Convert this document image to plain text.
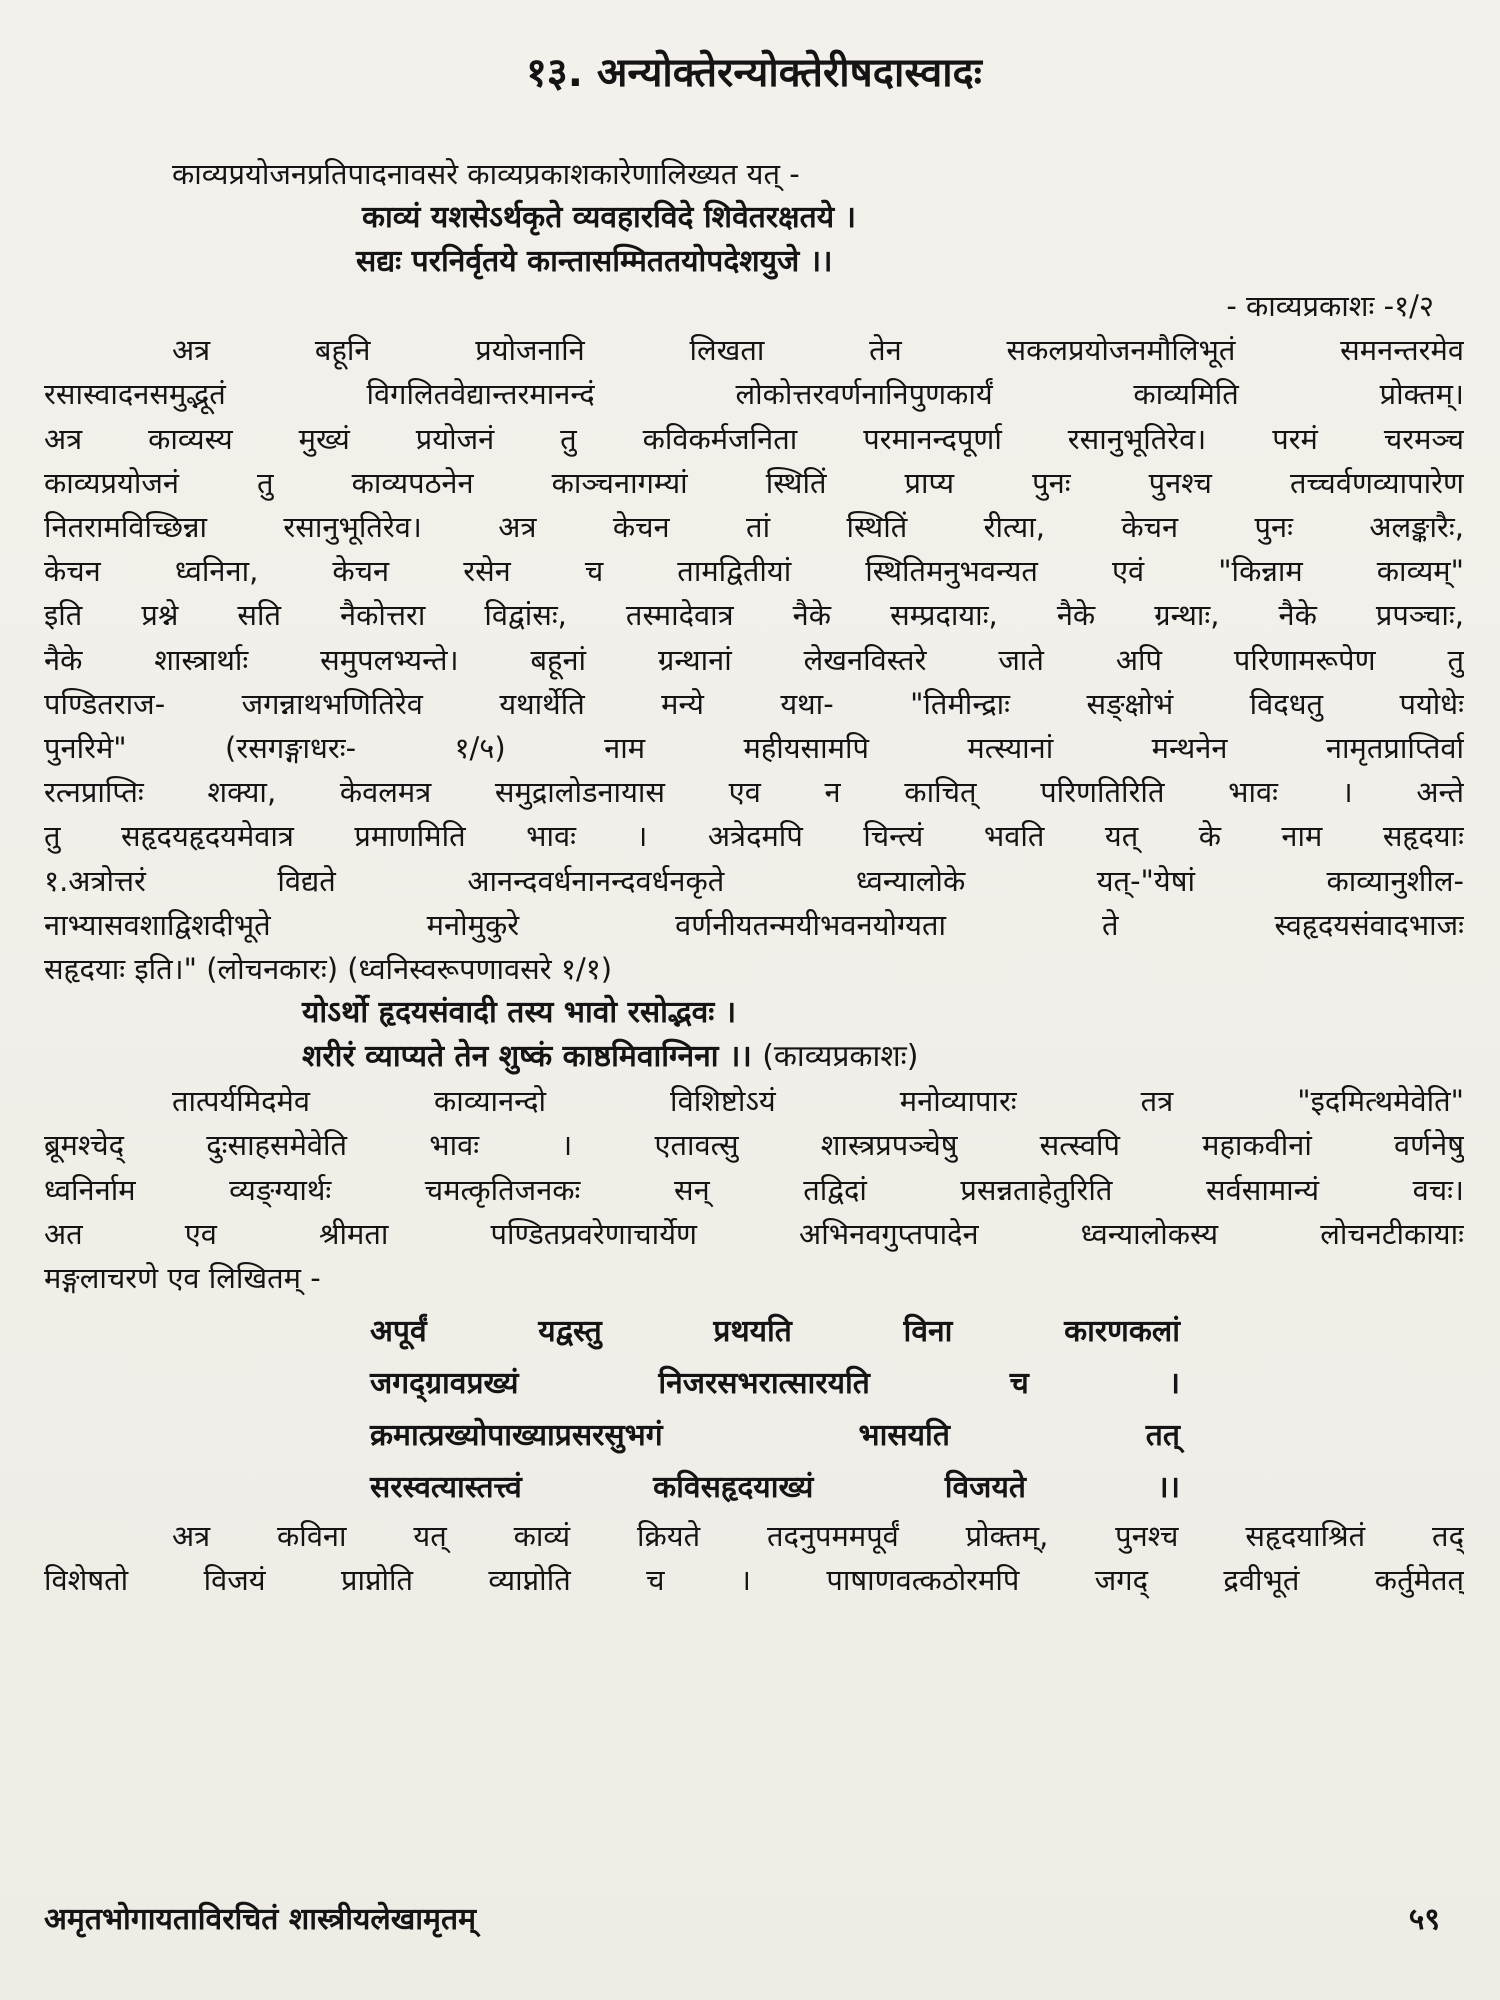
१३. अन्योक्तेरन्योक्तेरीषदास्वादः

काव्यप्रयोजनप्रतिपादनावसरे काव्यप्रकाशकारेणालिख्यत यत् -

काव्यं यशसेऽर्थकृते व्यवहारविदे शिवेतरक्षतये ।
सद्यः परनिर्वृतये कान्तासम्मिततयोपदेशयुजे ।।
- काव्यप्रकाशः -१/२
अत्र बहूनि प्रयोजनानि लिखता तेन सकलप्रयोजनमौलिभूतं समनन्तरमेव
रसास्वादनसमुद्भूतं विगलितवेद्यान्तरमानन्दं लोकोत्तरवर्णनानिपुणकार्यं काव्यमिति प्रोक्तम्।
अत्र काव्यस्य मुख्यं प्रयोजनं तु कविकर्मजनिता परमानन्दपूर्णा रसानुभूतिरेव। परमं चरमञ्च
काव्यप्रयोजनं तु काव्यपठनेन काञ्चनागम्यां स्थितिं प्राप्य पुनः पुनश्च तच्चर्वणव्यापारेण
नितरामविच्छिन्ना रसानुभूतिरेव। अत्र केचन तां स्थितिं रीत्या, केचन पुनः अलङ्कारैः,
केचन ध्वनिना, केचन रसेन च तामद्वितीयां स्थितिमनुभवन्यत एवं "किन्नाम काव्यम्"
इति प्रश्ने सति नैकोत्तरा विद्वांसः, तस्मादेवात्र नैके सम्प्रदायाः, नैके ग्रन्थाः, नैके प्रपञ्चाः,
नैके शास्त्रार्थाः समुपलभ्यन्ते। बहूनां ग्रन्थानां लेखनविस्तरे जाते अपि परिणामरूपेण तु
पण्डितराज- जगन्नाथभणितिरेव यथार्थेति मन्ये यथा- "तिमीन्द्राः सङ्क्षोभं विदधतु पयोधेः
पुनरिमे" (रसगङ्गाधरः- १/५) नाम महीयसामपि मत्स्यानां मन्थनेन नामृतप्राप्तिर्वा
रत्नप्राप्तिः शक्या, केवलमत्र समुद्रालोडनायास एव न काचित् परिणतिरिति भावः । अन्ते
तु सहृदयहृदयमेवात्र प्रमाणमिति भावः । अत्रेदमपि चिन्त्यं भवति यत् के नाम सहृदयाः
१.अत्रोत्तरं विद्यते आनन्दवर्धनानन्दवर्धनकृते ध्वन्यालोके यत्-"येषां काव्यानुशील-
नाभ्यासवशाद्विशदीभूते मनोमुकुरे वर्णनीयतन्मयीभवनयोग्यता ते स्वहृदयसंवादभाजः
सहृदयाः इति।" (लोचनकारः) (ध्वनिस्वरूपणावसरे १/१)
योऽर्थो हृदयसंवादी तस्य भावो रसोद्भवः ।
शरीरं व्याप्यते तेन शुष्कं काष्ठमिवाग्निना ।। (काव्यप्रकाशः)
तात्पर्यमिदमेव काव्यानन्दो विशिष्टोऽयं मनोव्यापारः तत्र "इदमित्थमेवेति"
ब्रूमश्चेद् दुःसाहसमेवेति भावः । एतावत्सु शास्त्रप्रपञ्चेषु सत्स्वपि महाकवीनां वर्णनेषु
ध्वनिर्नाम व्यङ्ग्यार्थः चमत्कृतिजनकः सन् तद्विदां प्रसन्नताहेतुरिति सर्वसामान्यं वचः।
अत एव श्रीमता पण्डितप्रवरेणाचार्येण अभिनवगुप्तपादेन ध्वन्यालोकस्य लोचनटीकायाः
मङ्गलाचरणे एव लिखितम् -
अपूर्वं यद्वस्तु प्रथयति विना कारणकलां
जगद्ग्रावप्रख्यं निजरसभरात्सारयति च ।
क्रमात्प्रख्योपाख्याप्रसरसुभगं भासयति तत्
सरस्वत्यास्तत्त्वं कविसहृदयाख्यं विजयते ।।
अत्र कविना यत् काव्यं क्रियते तदनुपममपूर्वं प्रोक्तम्, पुनश्च सहृदयाश्रितं तद्
विशेषतो विजयं प्राप्नोति व्याप्नोति च । पाषाणवत्कठोरमपि जगद् द्रवीभूतं कर्तुमेतत्
अमृतभोगायताविरचितं शास्त्रीयलेखामृतम्	५९
